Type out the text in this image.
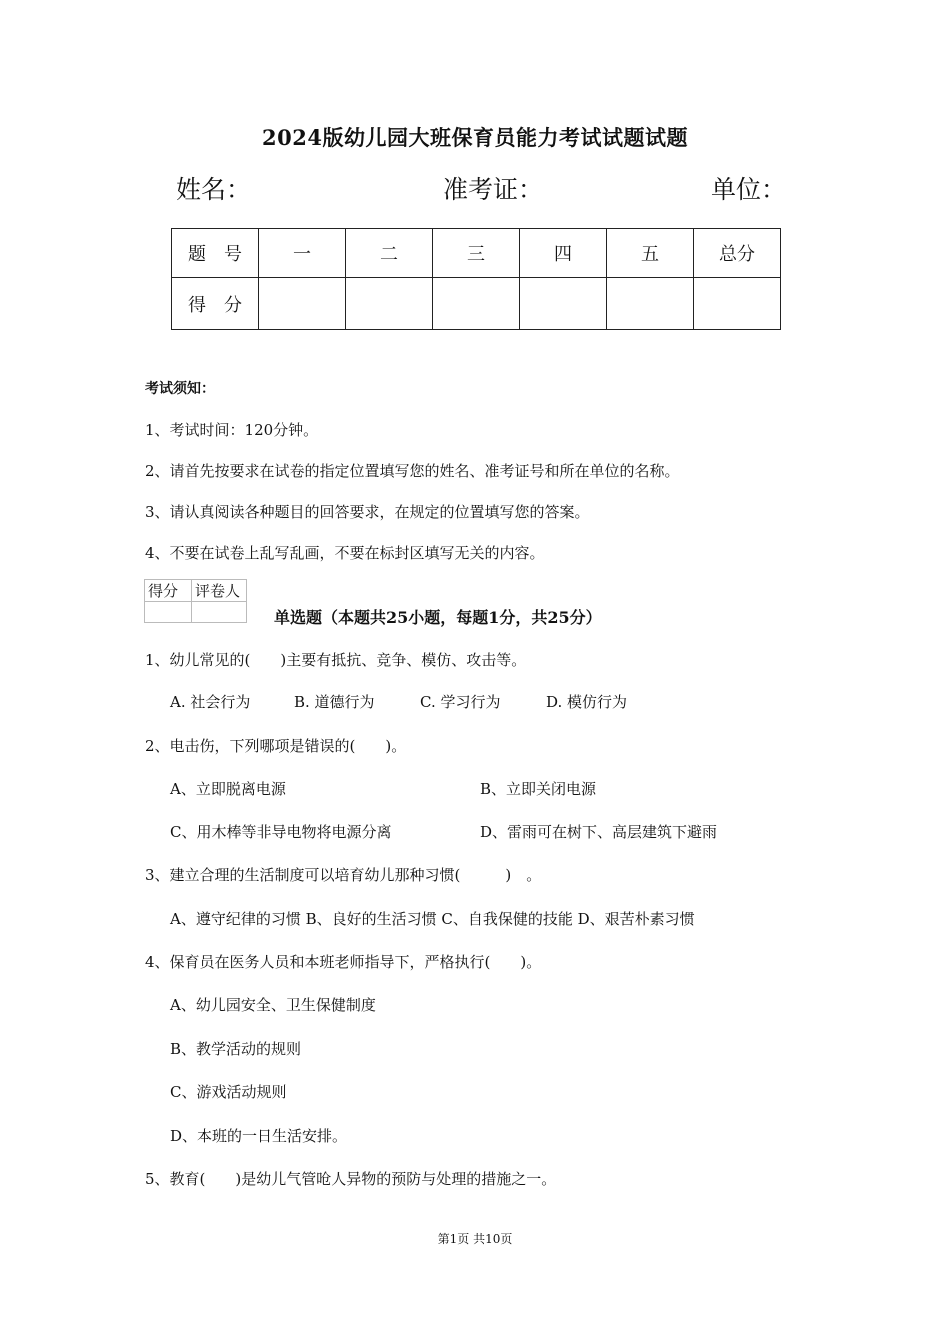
2024版幼儿园大班保育员能力考试试题试题
姓名：	准考证：	单位：
题　号	一	二	三	四	五	总分
得　分						
考试须知：
1、考试时间：120分钟。
2、请首先按要求在试卷的指定位置填写您的姓名、准考证号和所在单位的名称。
3、请认真阅读各种题目的回答要求，在规定的位置填写您的答案。
4、不要在试卷上乱写乱画，不要在标封区填写无关的内容。
得分	评卷人

单选题（本题共25小题，每题1分，共25分）
1、幼儿常见的(　　)主要有抵抗、竞争、模仿、攻击等。
A. 社会行为	B. 道德行为	C. 学习行为	D. 模仿行为
2、电击伤，下列哪项是错误的(　　)。
A、立即脱离电源	B、立即关闭电源
C、用木棒等非导电物将电源分离	D、雷雨可在树下、高层建筑下避雨
3、建立合理的生活制度可以培育幼儿那种习惯(　　　)　。
A、遵守纪律的习惯 B、良好的生活习惯 C、自我保健的技能 D、艰苦朴素习惯
4、保育员在医务人员和本班老师指导下，严格执行(　　)。
A、幼儿园安全、卫生保健制度
B、教学活动的规则
C、游戏活动规则
D、本班的一日生活安排。
5、教育(　　)是幼儿气管呛人异物的预防与处理的措施之一。
第1页 共10页
